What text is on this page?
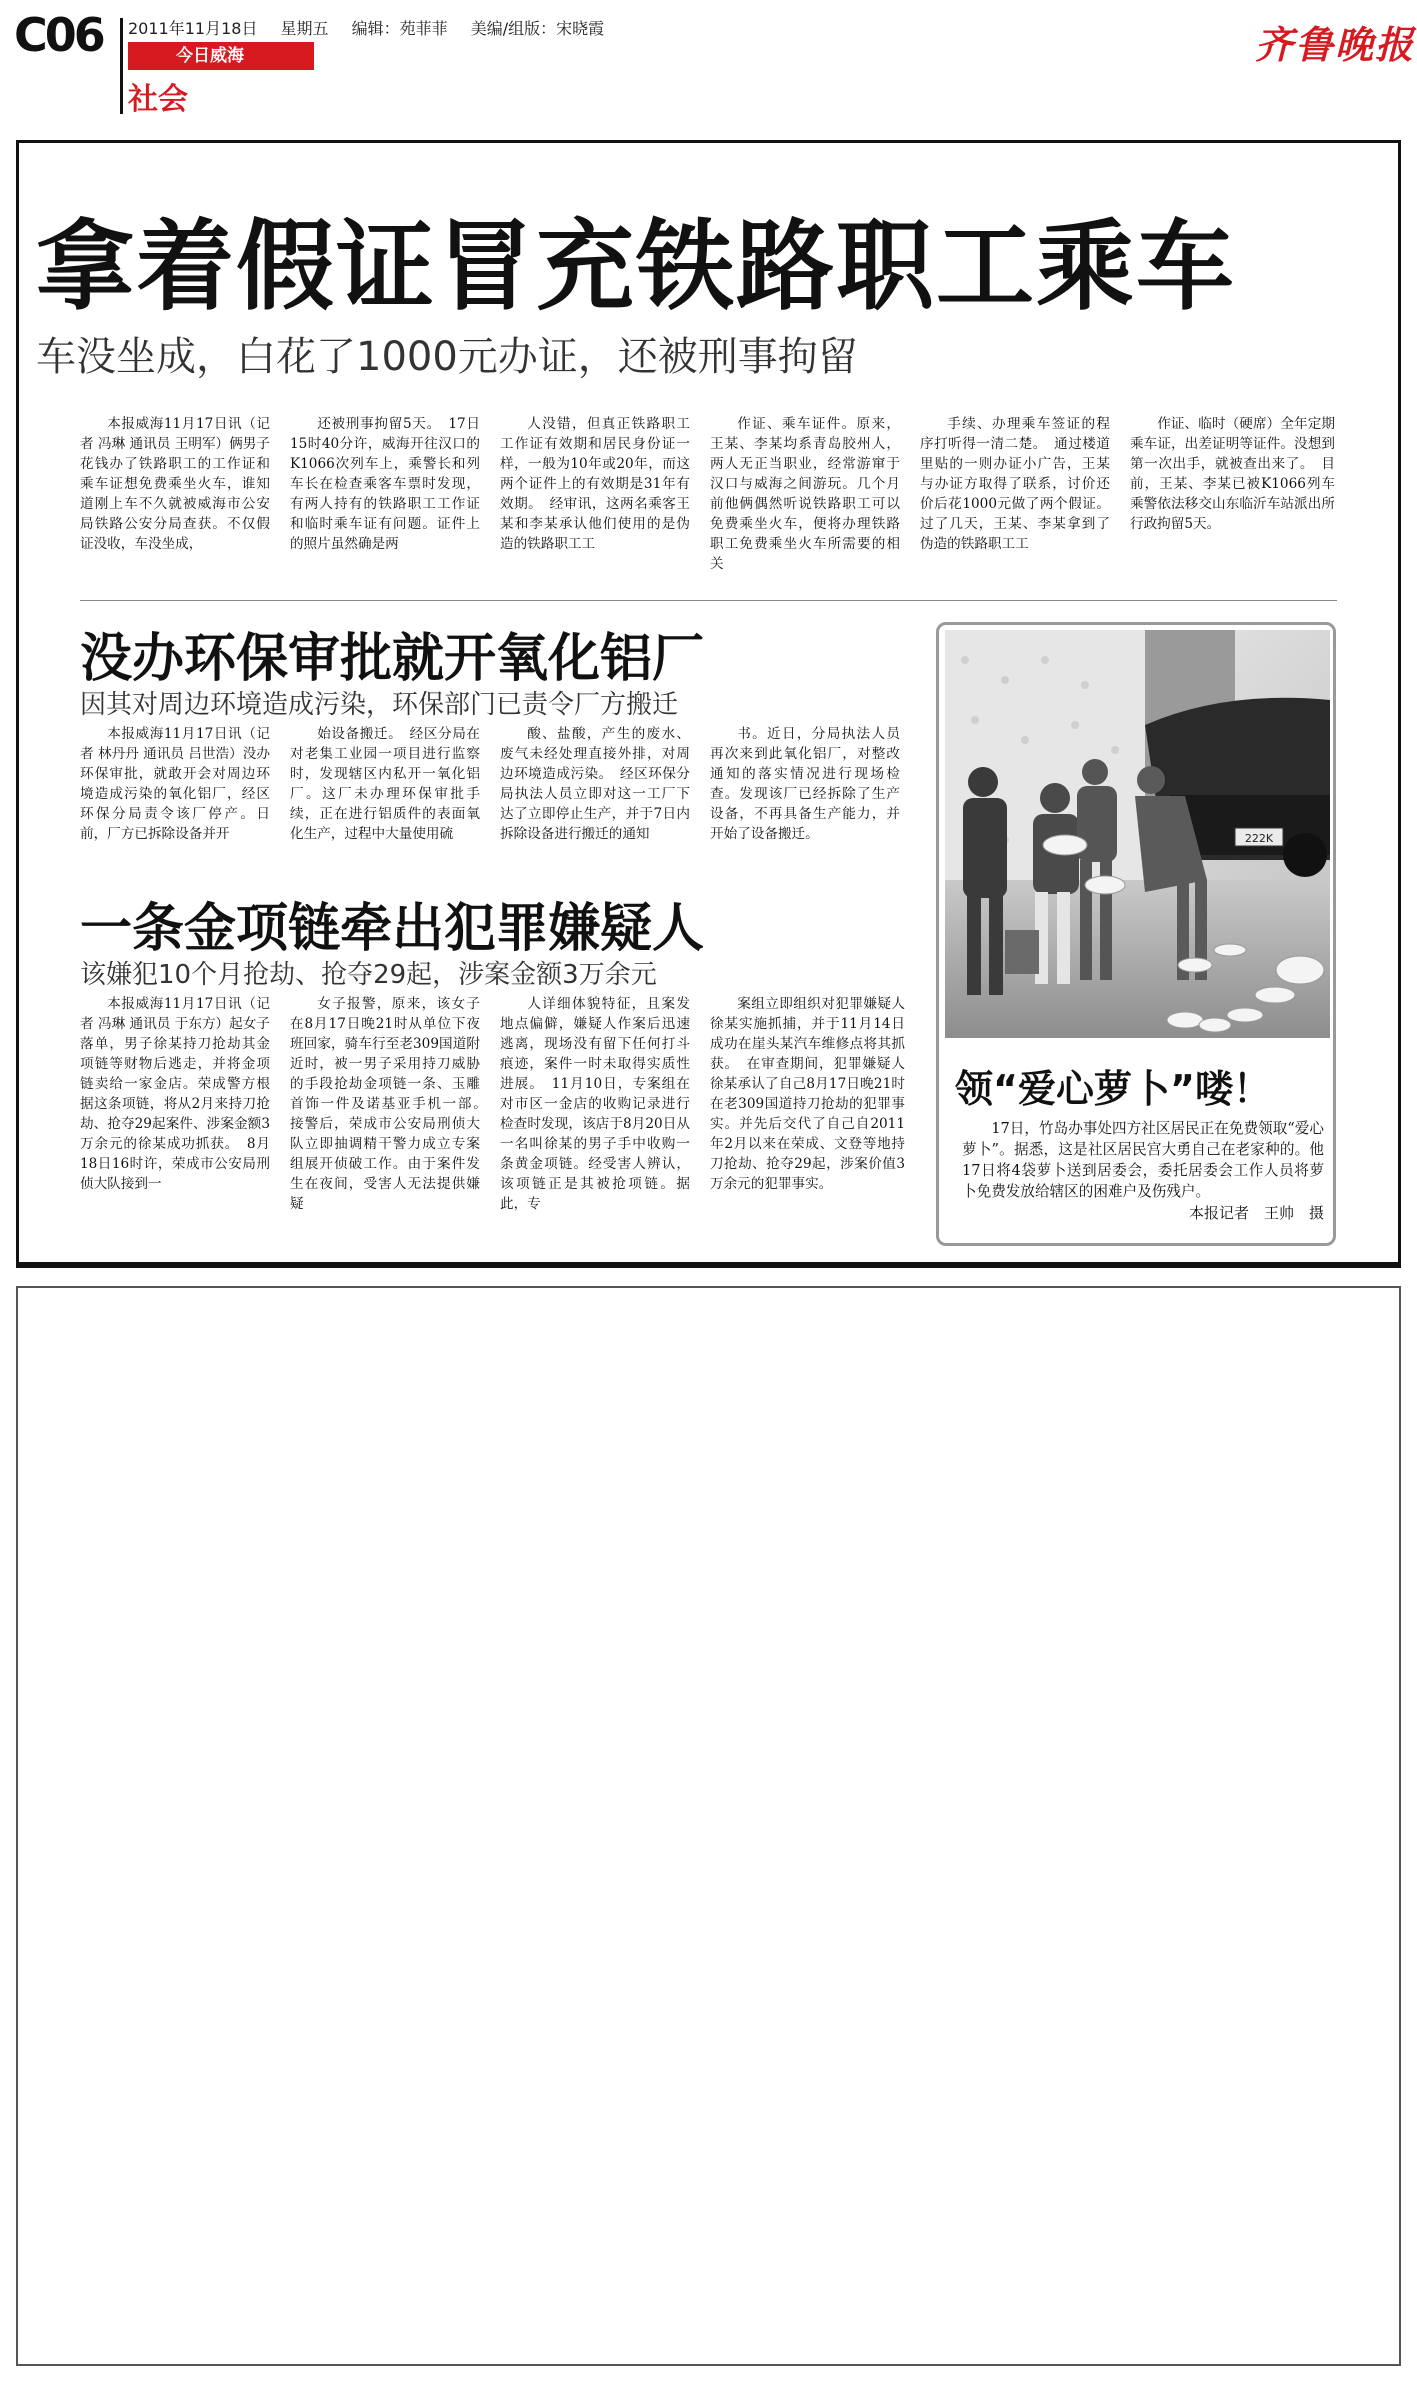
C06 2011年11月18日 星期五 编辑：苑菲菲 美编/组版：宋晓霞
今日威海
社会
齐鲁晚报
拿着假证冒充铁路职工乘车
车没坐成，白花了1000元办证，还被刑事拘留

本报威海11月17日讯（记者 冯琳 通讯员 王明军）俩男子花钱办了铁路职工的工作证和乘车证想免费乘坐火车，谁知道刚上车不久就被威海市公安局铁路公安分局查获。不仅假证没收，车没坐成，

还被刑事拘留5天。　17日15时40分许，威海开往汉口的K1066次列车上，乘警长和列车长在检查乘客车票时发现，有两人持有的铁路职工工作证和临时乘车证有问题。证件上的照片虽然确是两

人没错，但真正铁路职工工作证有效期和居民身份证一样，一般为10年或20年，而这两个证件上的有效期是31年有效期。　经审讯，这两名乘客王某和李某承认他们使用的是伪造的铁路职工工

作证、乘车证件。原来，王某、李某均系青岛胶州人，两人无正当职业，经常游窜于汉口与威海之间游玩。几个月前他俩偶然听说铁路职工可以免费乘坐火车，便将办理铁路职工免费乘坐火车所需要的相关

手续、办理乘车签证的程序打听得一清二楚。　通过楼道里贴的一则办证小广告，王某与办证方取得了联系，讨价还价后花1000元做了两个假证。过了几天，王某、李某拿到了伪造的铁路职工工

作证、临时（硬席）全年定期乘车证，出差证明等证件。没想到第一次出手，就被查出来了。　目前，王某、李某已被K1066列车乘警依法移交山东临沂车站派出所行政拘留5天。

没办环保审批就开氧化铝厂
因其对周边环境造成污染，环保部门已责令厂方搬迁

本报威海11月17日讯（记者 林丹丹 通讯员 吕世浩）没办环保审批，就敢开会对周边环境造成污染的氧化铝厂，经区环保分局责令该厂停产。日前，厂方已拆除设备并开

始设备搬迁。　经区分局在对老集工业园一项目进行监察时，发现辖区内私开一氧化铝厂。这厂未办理环保审批手续，正在进行铝质件的表面氧化生产，过程中大量使用硫

酸、盐酸，产生的废水、废气未经处理直接外排，对周边环境造成污染。　经区环保分局执法人员立即对这一工厂下达了立即停止生产，并于7日内拆除设备进行搬迁的通知

书。近日，分局执法人员再次来到此氧化铝厂，对整改通知的落实情况进行现场检查。发现该厂已经拆除了生产设备，不再具备生产能力，并开始了设备搬迁。

一条金项链牵出犯罪嫌疑人
该嫌犯10个月抢劫、抢夺29起，涉案金额3万余元

本报威海11月17日讯（记者 冯琳 通讯员 于东方）起女子落单，男子徐某持刀抢劫其金项链等财物后逃走，并将金项链卖给一家金店。荣成警方根据这条项链，将从2月来持刀抢劫、抢夺29起案件、涉案金额3万余元的徐某成功抓获。　8月18日16时许，荣成市公安局刑侦大队接到一

女子报警，原来，该女子在8月17日晚21时从单位下夜班回家，骑车行至老309国道附近时，被一男子采用持刀威胁的手段抢劫金项链一条、玉雕首饰一件及诺基亚手机一部。　接警后，荣成市公安局刑侦大队立即抽调精干警力成立专案组展开侦破工作。由于案件发生在夜间，受害人无法提供嫌疑

人详细体貌特征，且案发地点偏僻，嫌疑人作案后迅速逃离，现场没有留下任何打斗痕迹，案件一时未取得实质性进展。　11月10日，专案组在对市区一金店的收购记录进行检查时发现，该店于8月20日从一名叫徐某的男子手中收购一条黄金项链。经受害人辨认，该项链正是其被抢项链。据此，专

案组立即组织对犯罪嫌疑人徐某实施抓捕，并于11月14日成功在崖头某汽车维修点将其抓获。　在审查期间，犯罪嫌疑人徐某承认了自己8月17日晚21时在老309国道持刀抢劫的犯罪事实。并先后交代了自己自2011年2月以来在荣成、文登等地持刀抢劫、抢夺29起，涉案价值3万余元的犯罪事实。

222K
领“爱心萝卜”喽！
17日，竹岛办事处四方社区居民正在免费领取“爱心萝卜”。据悉，这是社区居民宫大勇自己在老家种的。他17日将4袋萝卜送到居委会，委托居委会工作人员将萝卜免费发放给辖区的困难户及伤残户。
本报记者　王帅　摄
